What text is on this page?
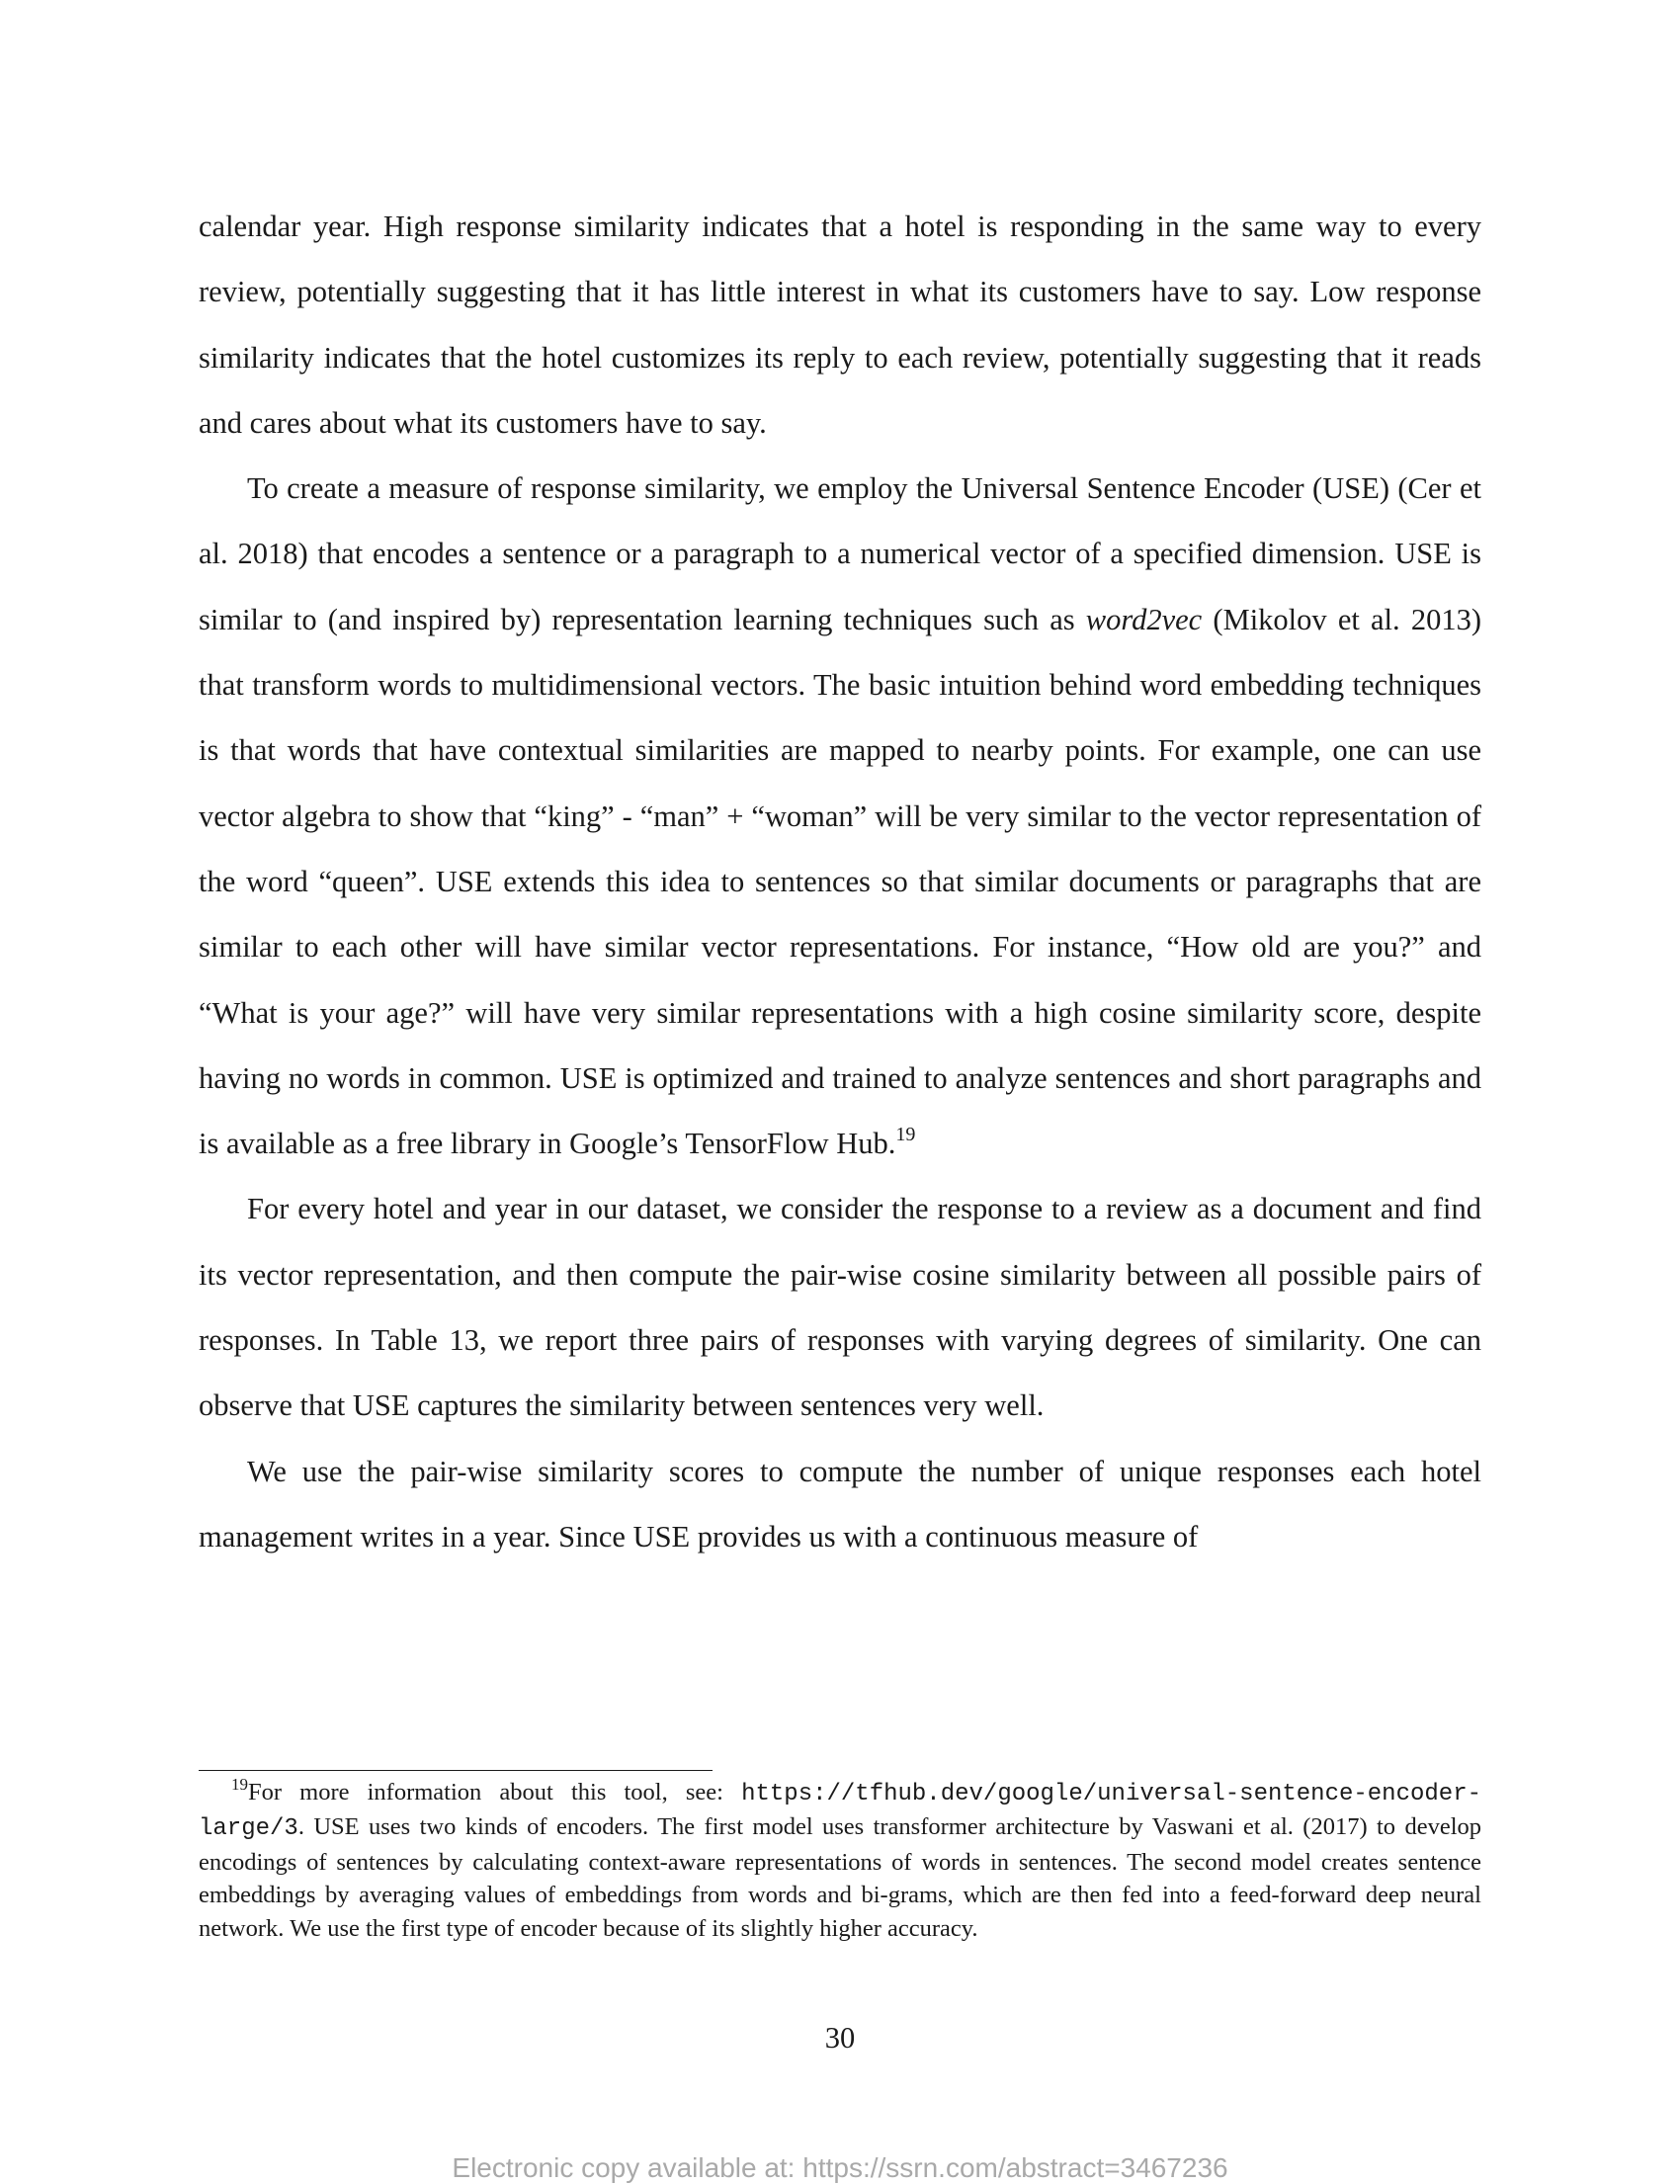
calendar year. High response similarity indicates that a hotel is responding in the same way to every review, potentially suggesting that it has little interest in what its customers have to say. Low response similarity indicates that the hotel customizes its reply to each review, potentially suggesting that it reads and cares about what its customers have to say.

To create a measure of response similarity, we employ the Universal Sentence Encoder (USE) (Cer et al. 2018) that encodes a sentence or a paragraph to a numerical vector of a specified dimension. USE is similar to (and inspired by) representation learning techniques such as word2vec (Mikolov et al. 2013) that transform words to multidimensional vectors. The basic intuition behind word embedding techniques is that words that have contextual similarities are mapped to nearby points. For example, one can use vector algebra to show that “king” - “man” + “woman” will be very similar to the vector representation of the word “queen”. USE extends this idea to sentences so that similar documents or paragraphs that are similar to each other will have similar vector representations. For instance, “How old are you?” and “What is your age?” will have very similar representations with a high cosine similarity score, despite having no words in common. USE is optimized and trained to analyze sentences and short paragraphs and is available as a free library in Google’s TensorFlow Hub.$^{19}$

For every hotel and year in our dataset, we consider the response to a review as a document and find its vector representation, and then compute the pair-wise cosine similarity between all possible pairs of responses. In Table 13, we report three pairs of responses with varying degrees of similarity. One can observe that USE captures the similarity between sentences very well.

We use the pair-wise similarity scores to compute the number of unique responses each hotel management writes in a year. Since USE provides us with a continuous measure of

$^{19}$For more information about this tool, see: https://tfhub.dev/google/universal-sentence-encoder-large/3. USE uses two kinds of encoders. The first model uses transformer architecture by Vaswani et al. (2017) to develop encodings of sentences by calculating context-aware representations of words in sentences. The second model creates sentence embeddings by averaging values of embeddings from words and bi-grams, which are then fed into a feed-forward deep neural network. We use the first type of encoder because of its slightly higher accuracy.

30
Electronic copy available at: https://ssrn.com/abstract=3467236
